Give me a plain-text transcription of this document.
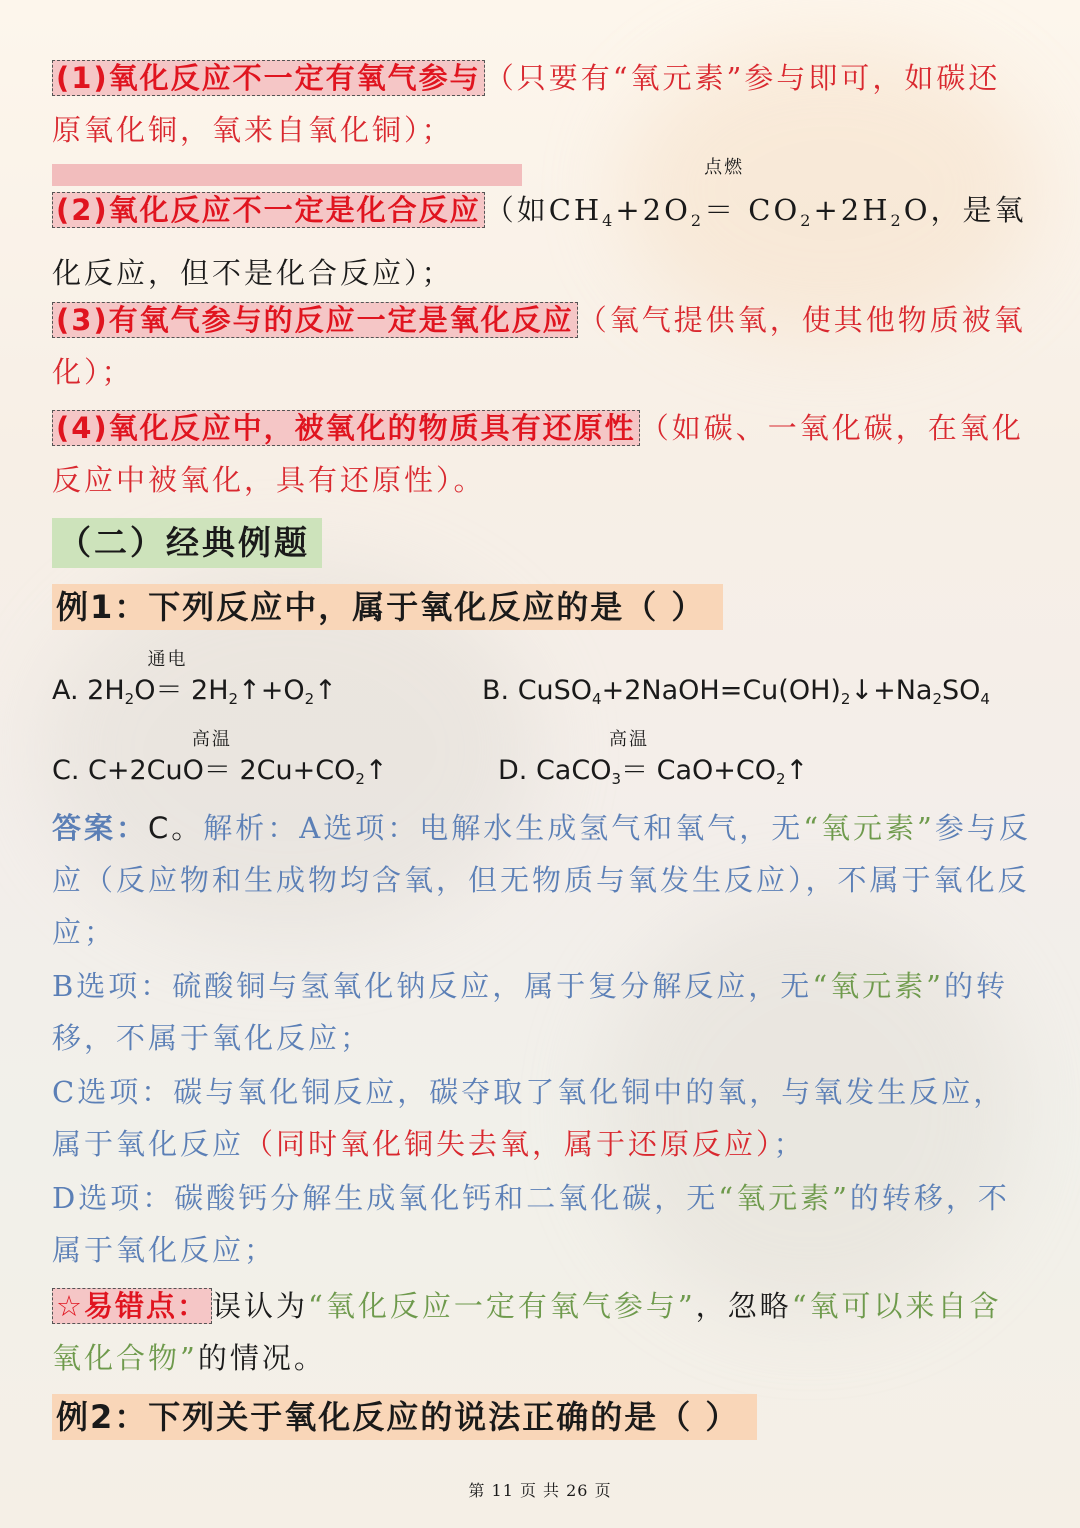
(1)氧化反应不一定有氧气参与 （只要有“氧元素”参与即可，如碳还原氧化铜，氧来自氧化铜）；
(2)氧化反应不一定是化合反应 （如$CH_4+2O_2$
点燃
＝ $CO_2+2H_2O$，是氧化反应，但不是化合反应）；
(3)有氧气参与的反应一定是氧化反应 （氧气提供氧，使其他物质被氧化）；
(4)氧化反应中，被氧化的物质具有还原性 （如碳、一氧化碳，在氧化反应中被氧化，具有还原性）。
（二）经典例题
例1：下列反应中，属于氧化反应的是（ ）
A. $2H_2O$
通电
＝ $2H_2↑+O_2↑$	B. $CuSO_4+2NaOH=Cu(OH)_2↓+Na_2SO_4$
C. C+2CuO
高温
＝ $2Cu+CO_2↑$	D. CaCO$_3$
高温
＝ $CaO+CO_2↑$
答案：C。解析：A选项：电解水生成氢气和氧气，无“氧元素”参与反应（反应物和生成物均含氧，但无物质与氧发生反应），不属于氧化反应；
B选项：硫酸铜与氢氧化钠反应，属于复分解反应，无“氧元素”的转移，不属于氧化反应；
C选项：碳与氧化铜反应，碳夺取了氧化铜中的氧，与氧发生反应，属于氧化反应（同时氧化铜失去氧，属于还原反应）；
D选项：碳酸钙分解生成氧化钙和二氧化碳，无“氧元素”的转移，不属于氧化反应；
☆易错点： 误认为“氧化反应一定有氧气参与”，忽略“氧可以来自含氧化合物”的情况。
例2：下列关于氧化反应的说法正确的是（ ）
第 11 页 共 26 页
